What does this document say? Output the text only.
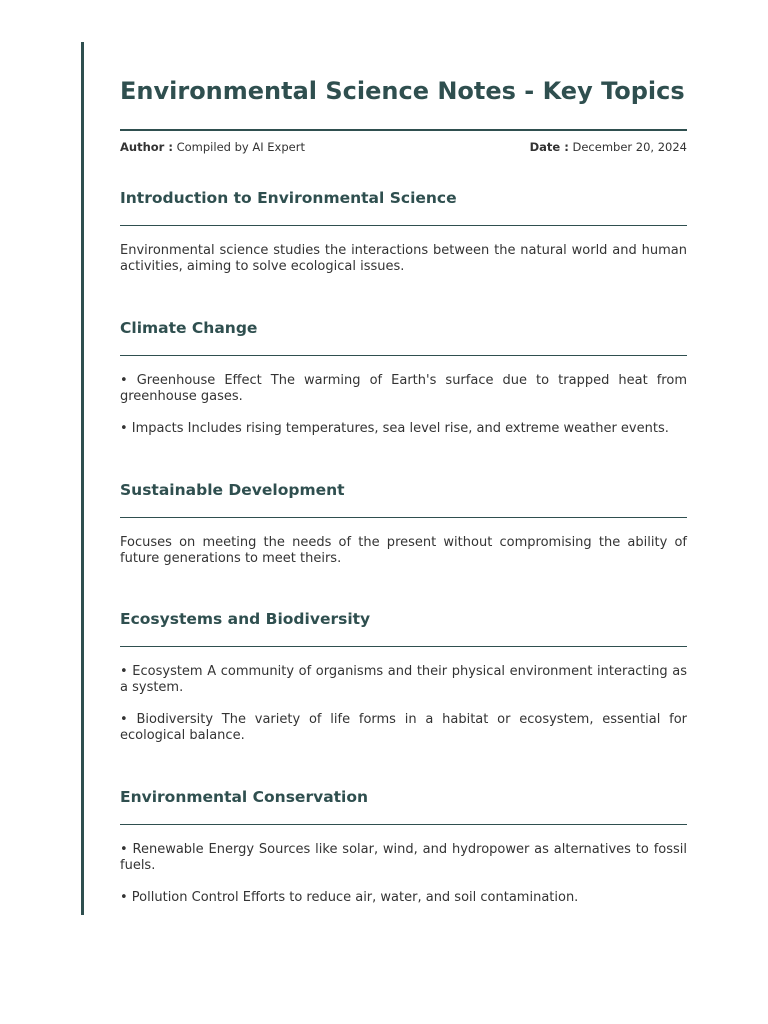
Environmental Science Notes - Key Topics
Author : Compiled by AI Expert	Date : December 20, 2024
Introduction to Environmental Science

Environmental science studies the interactions between the natural world and human activities, aiming to solve ecological issues.

Climate Change

• Greenhouse Effect The warming of Earth's surface due to trapped heat from greenhouse gases.

• Impacts Includes rising temperatures, sea level rise, and extreme weather events.

Sustainable Development

Focuses on meeting the needs of the present without compromising the ability of future generations to meet theirs.

Ecosystems and Biodiversity

• Ecosystem A community of organisms and their physical environment interacting as a system.

• Biodiversity The variety of life forms in a habitat or ecosystem, essential for ecological balance.

Environmental Conservation

• Renewable Energy Sources like solar, wind, and hydropower as alternatives to fossil fuels.

• Pollution Control Efforts to reduce air, water, and soil contamination.
